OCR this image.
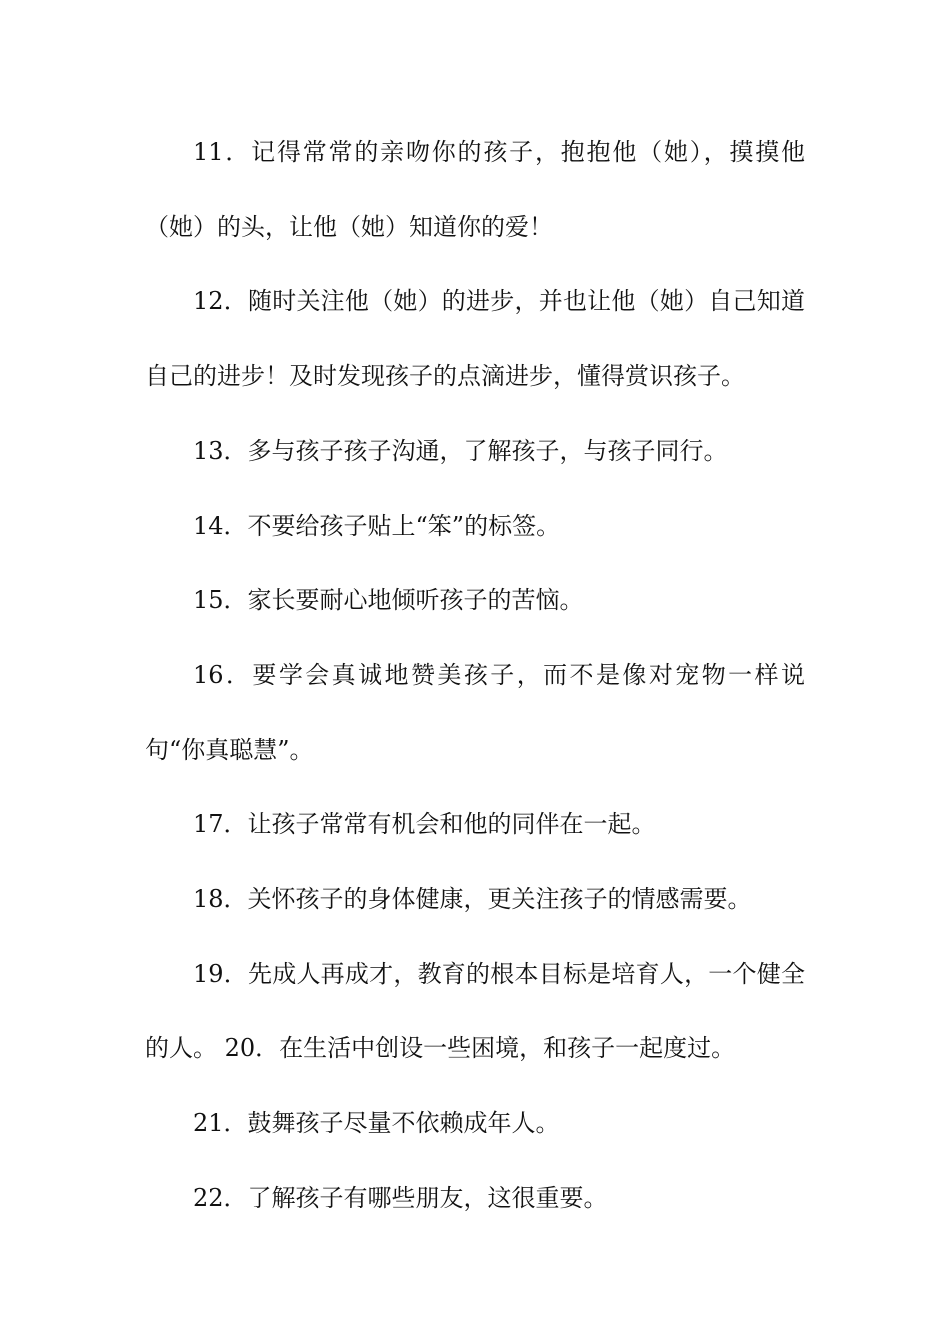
11．记得常常的亲吻你的孩子，抱抱他（她），摸摸他（她）的头，让他（她）知道你的爱！

12．随时关注他（她）的进步，并也让他（她）自己知道自己的进步！及时发现孩子的点滴进步，懂得赏识孩子。

13．多与孩子孩子沟通，了解孩子，与孩子同行。

14．不要给孩子贴上“笨”的标签。

15．家长要耐心地倾听孩子的苦恼。

16．要学会真诚地赞美孩子，而不是像对宠物一样说句“你真聪慧”。

17．让孩子常常有机会和他的同伴在一起。

18．关怀孩子的身体健康，更关注孩子的情感需要。

19．先成人再成才，教育的根本目标是培育人，一个健全的人。 20．在生活中创设一些困境，和孩子一起度过。

21．鼓舞孩子尽量不依赖成年人。

22．了解孩子有哪些朋友，这很重要。
